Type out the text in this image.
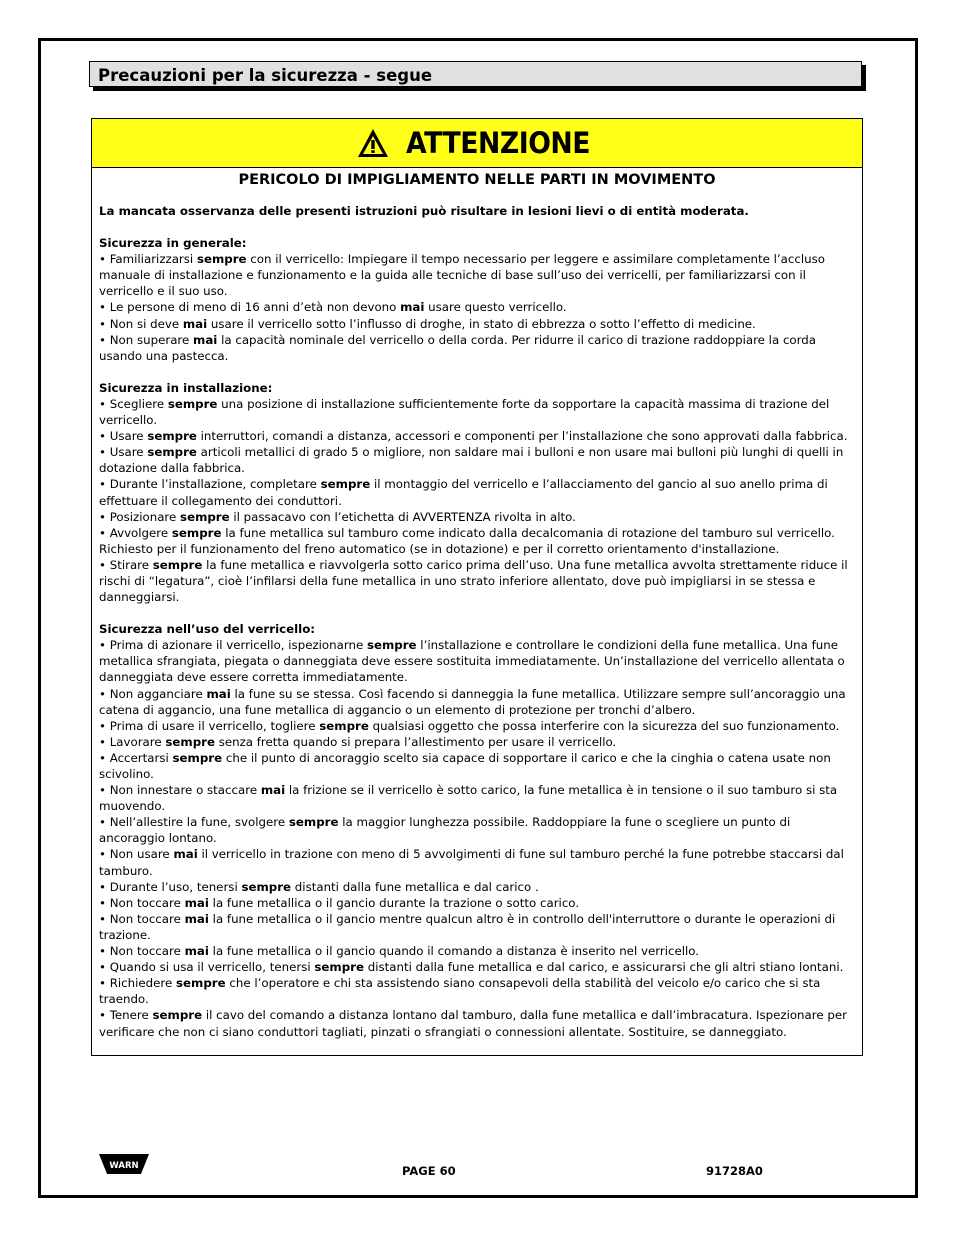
Precauzioni per la sicurezza - segue
ATTENZIONE
PERICOLO DI IMPIGLIAMENTO NELLE PARTI IN MOVIMENTO

La mancata osservanza delle presenti istruzioni può risultare in lesioni lievi o di entità moderata.

Sicurezza in generale:

• Familiarizzarsi sempre con il verricello: Impiegare il tempo necessario per leggere e assimilare completamente l’accluso manuale di installazione e funzionamento e la guida alle tecniche di base sull’uso dei verricelli, per familiarizzarsi con il verricello e il suo uso.

• Le persone di meno di 16 anni d’età non devono mai usare questo verricello.

• Non si deve mai usare il verricello sotto l’influsso di droghe, in stato di ebbrezza o sotto l’effetto di medicine.

• Non superare mai la capacità nominale del verricello o della corda. Per ridurre il carico di trazione raddoppiare la corda usando una pastecca.

Sicurezza in installazione:

• Scegliere sempre una posizione di installazione sufficientemente forte da sopportare la capacità massima di trazione del verricello.

• Usare sempre interruttori, comandi a distanza, accessori e componenti per l’installazione che sono approvati dalla fabbrica.

• Usare sempre articoli metallici di grado 5 o migliore, non saldare mai i bulloni e non usare mai bulloni più lunghi di quelli in dotazione dalla fabbrica.

• Durante l’installazione, completare sempre il montaggio del verricello e l’allacciamento del gancio al suo anello prima di effettuare il collegamento dei conduttori.

• Posizionare sempre il passacavo con l’etichetta di AVVERTENZA rivolta in alto.

• Avvolgere sempre la fune metallica sul tamburo come indicato dalla decalcomania di rotazione del tamburo sul verricello. Richiesto per il funzionamento del freno automatico (se in dotazione) e per il corretto orientamento d'installazione.

• Stirare sempre la fune metallica e riavvolgerla sotto carico prima dell’uso. Una fune metallica avvolta strettamente riduce il rischi di “legatura”, cioè l’infilarsi della fune metallica in uno strato inferiore allentato, dove può impigliarsi in se stessa e danneggiarsi.

Sicurezza nell’uso del verricello:

• Prima di azionare il verricello, ispezionarne sempre l’installazione e controllare le condizioni della fune metallica. Una fune metallica sfrangiata, piegata o danneggiata deve essere sostituita immediatamente. Un’installazione del verricello allentata o danneggiata deve essere corretta immediatamente.

• Non agganciare mai la fune su se stessa. Così facendo si danneggia la fune metallica. Utilizzare sempre sull’ancoraggio una catena di aggancio, una fune metallica di aggancio o un elemento di protezione per tronchi d’albero.

• Prima di usare il verricello, togliere sempre qualsiasi oggetto che possa interferire con la sicurezza del suo funzionamento.

• Lavorare sempre senza fretta quando si prepara l’allestimento per usare il verricello.

• Accertarsi sempre che il punto di ancoraggio scelto sia capace di sopportare il carico e che la cinghia o catena usate non scivolino.

• Non innestare o staccare mai la frizione se il verricello è sotto carico, la fune metallica è in tensione o il suo tamburo si sta muovendo.

• Nell’allestire la fune, svolgere sempre la maggior lunghezza possibile. Raddoppiare la fune o scegliere un punto di ancoraggio lontano.

• Non usare mai il verricello in trazione con meno di 5 avvolgimenti di fune sul tamburo perché la fune potrebbe staccarsi dal tamburo.

• Durante l’uso, tenersi sempre distanti dalla fune metallica e dal carico .

• Non toccare mai la fune metallica o il gancio durante la trazione o sotto carico.

• Non toccare mai la fune metallica o il gancio mentre qualcun altro è in controllo dell'interruttore o durante le operazioni di trazione.

• Non toccare mai la fune metallica o il gancio quando il comando a distanza è inserito nel verricello.

• Quando si usa il verricello, tenersi sempre distanti dalla fune metallica e dal carico, e assicurarsi che gli altri stiano lontani.

• Richiedere sempre che l’operatore e chi sta assistendo siano consapevoli della stabilità del veicolo e/o carico che si sta traendo.

• Tenere sempre il cavo del comando a distanza lontano dal tamburo, dalla fune metallica e dall’imbracatura. Ispezionare per verificare che non ci siano conduttori tagliati, pinzati o sfrangiati o connessioni allentate. Sostituire, se danneggiato.

WARN	PAGE 60	91728A0
